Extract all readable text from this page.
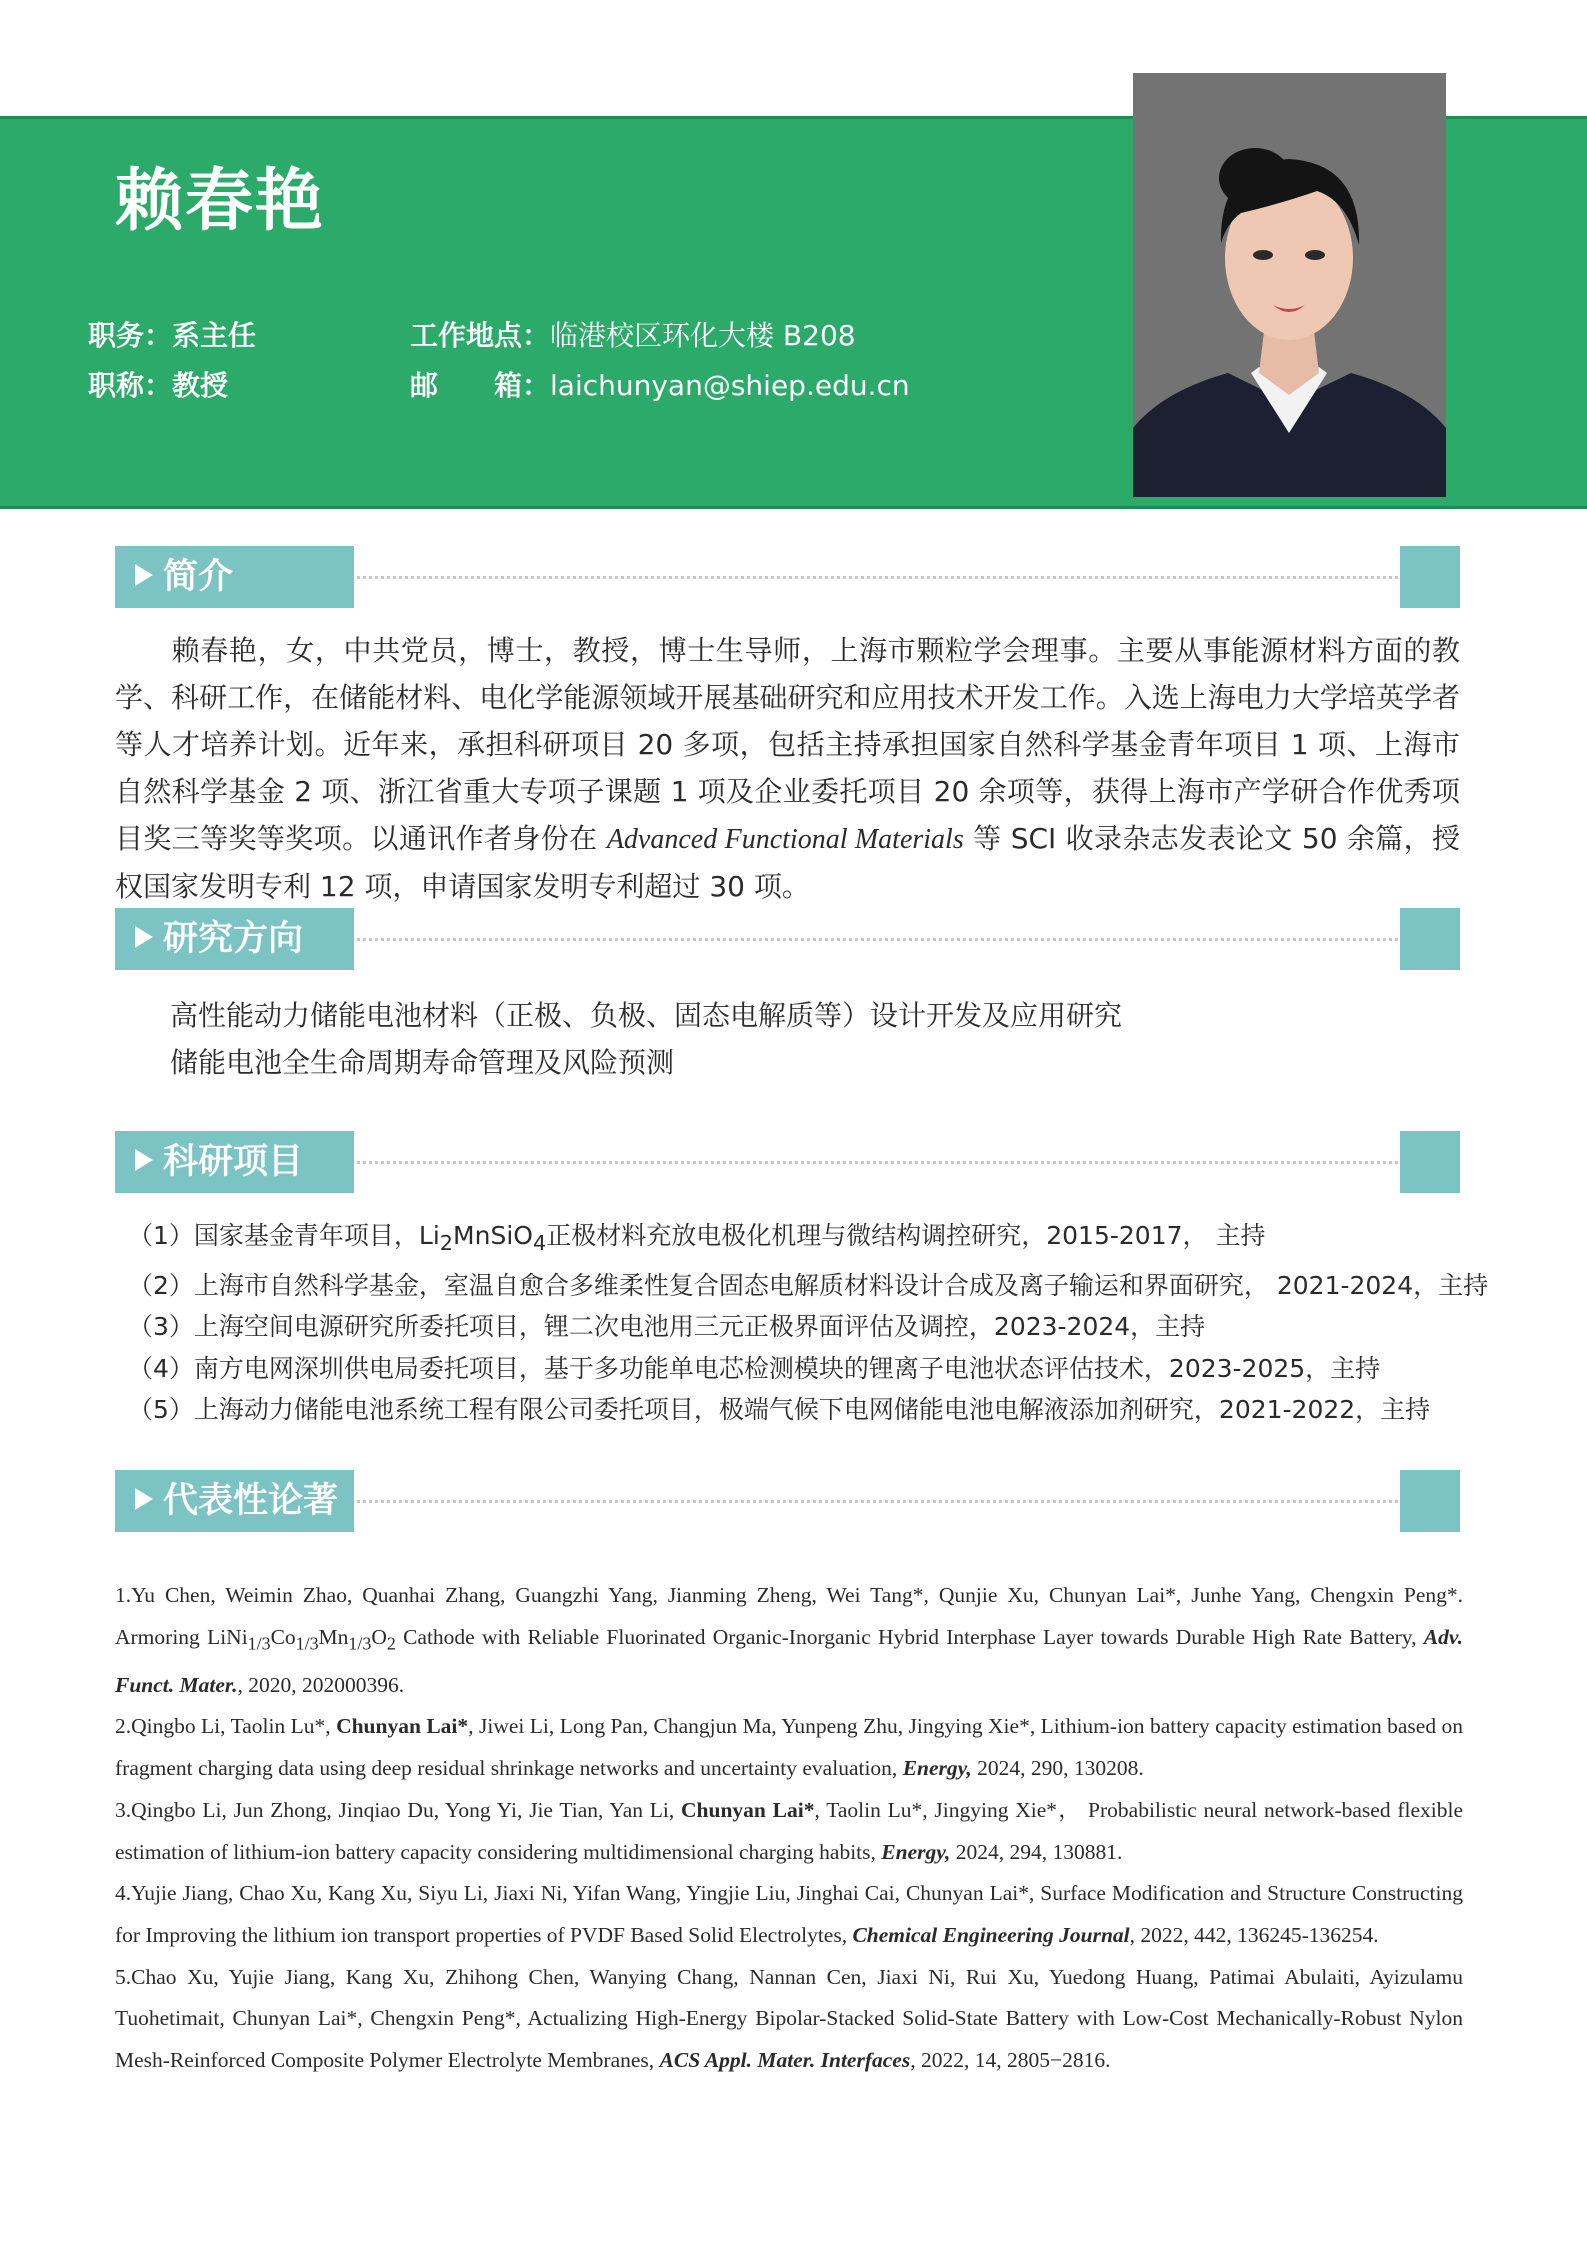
赖春艳
职务：系主任
职称：教授
工作地点：临港校区环化大楼 B208
邮　　箱：laichunyan@shiep.edu.cn
简介
赖春艳，女，中共党员，博士，教授，博士生导师，上海市颗粒学会理事。主要从事能源材料方面的教学、科研工作，在储能材料、电化学能源领域开展基础研究和应用技术开发工作。入选上海电力大学培英学者等人才培养计划。近年来，承担科研项目 20 多项，包括主持承担国家自然科学基金青年项目 1 项、上海市自然科学基金 2 项、浙江省重大专项子课题 1 项及企业委托项目 20 余项等，获得上海市产学研合作优秀项目奖三等奖等奖项。以通讯作者身份在 Advanced Functional Materials 等 SCI 收录杂志发表论文 50 余篇，授权国家发明专利 12 项，申请国家发明专利超过 30 项。
研究方向
高性能动力储能电池材料（正极、负极、固态电解质等）设计开发及应用研究
储能电池全生命周期寿命管理及风险预测
科研项目
（1）国家基金青年项目，$Li_2MnSiO_4$正极材料充放电极化机理与微结构调控研究，2015-2017， 主持
（2）上海市自然科学基金，室温自愈合多维柔性复合固态电解质材料设计合成及离子输运和界面研究， 2021-2024，主持
（3）上海空间电源研究所委托项目，锂二次电池用三元正极界面评估及调控，2023-2024，主持
（4）南方电网深圳供电局委托项目，基于多功能单电芯检测模块的锂离子电池状态评估技术，2023-2025，主持
（5）上海动力储能电池系统工程有限公司委托项目，极端气候下电网储能电池电解液添加剂研究，2021-2022，主持
代表性论著

1.Yu Chen, Weimin Zhao, Quanhai Zhang, Guangzhi Yang, Jianming Zheng, Wei Tang*, Qunjie Xu, Chunyan Lai*, Junhe Yang, Chengxin Peng*. Armoring $LiNi_{1/3}Co_{1/3}Mn_{1/3}O_2$ Cathode with Reliable Fluorinated Organic-Inorganic Hybrid Interphase Layer towards Durable High Rate Battery, Adv. Funct. Mater., 2020, 202000396.

2.Qingbo Li, Taolin Lu*, Chunyan Lai*, Jiwei Li, Long Pan, Changjun Ma, Yunpeng Zhu, Jingying Xie*, Lithium-ion battery capacity estimation based on fragment charging data using deep residual shrinkage networks and uncertainty evaluation, Energy, 2024, 290, 130208.

3.Qingbo Li, Jun Zhong, Jinqiao Du, Yong Yi, Jie Tian, Yan Li, Chunyan Lai*, Taolin Lu*, Jingying Xie*， Probabilistic neural network-based flexible estimation of lithium-ion battery capacity considering multidimensional charging habits, Energy, 2024, 294, 130881.

4.Yujie Jiang, Chao Xu, Kang Xu, Siyu Li, Jiaxi Ni, Yifan Wang, Yingjie Liu, Jinghai Cai, Chunyan Lai*, Surface Modification and Structure Constructing for Improving the lithium ion transport properties of PVDF Based Solid Electrolytes, Chemical Engineering Journal, 2022, 442, 136245-136254.

5.Chao Xu, Yujie Jiang, Kang Xu, Zhihong Chen, Wanying Chang, Nannan Cen, Jiaxi Ni, Rui Xu, Yuedong Huang, Patimai Abulaiti, Ayizulamu Tuohetimait, Chunyan Lai*, Chengxin Peng*, Actualizing High-Energy Bipolar-Stacked Solid-State Battery with Low-Cost Mechanically-Robust Nylon Mesh-Reinforced Composite Polymer Electrolyte Membranes, ACS Appl. Mater. Interfaces, 2022, 14, 2805−2816.
